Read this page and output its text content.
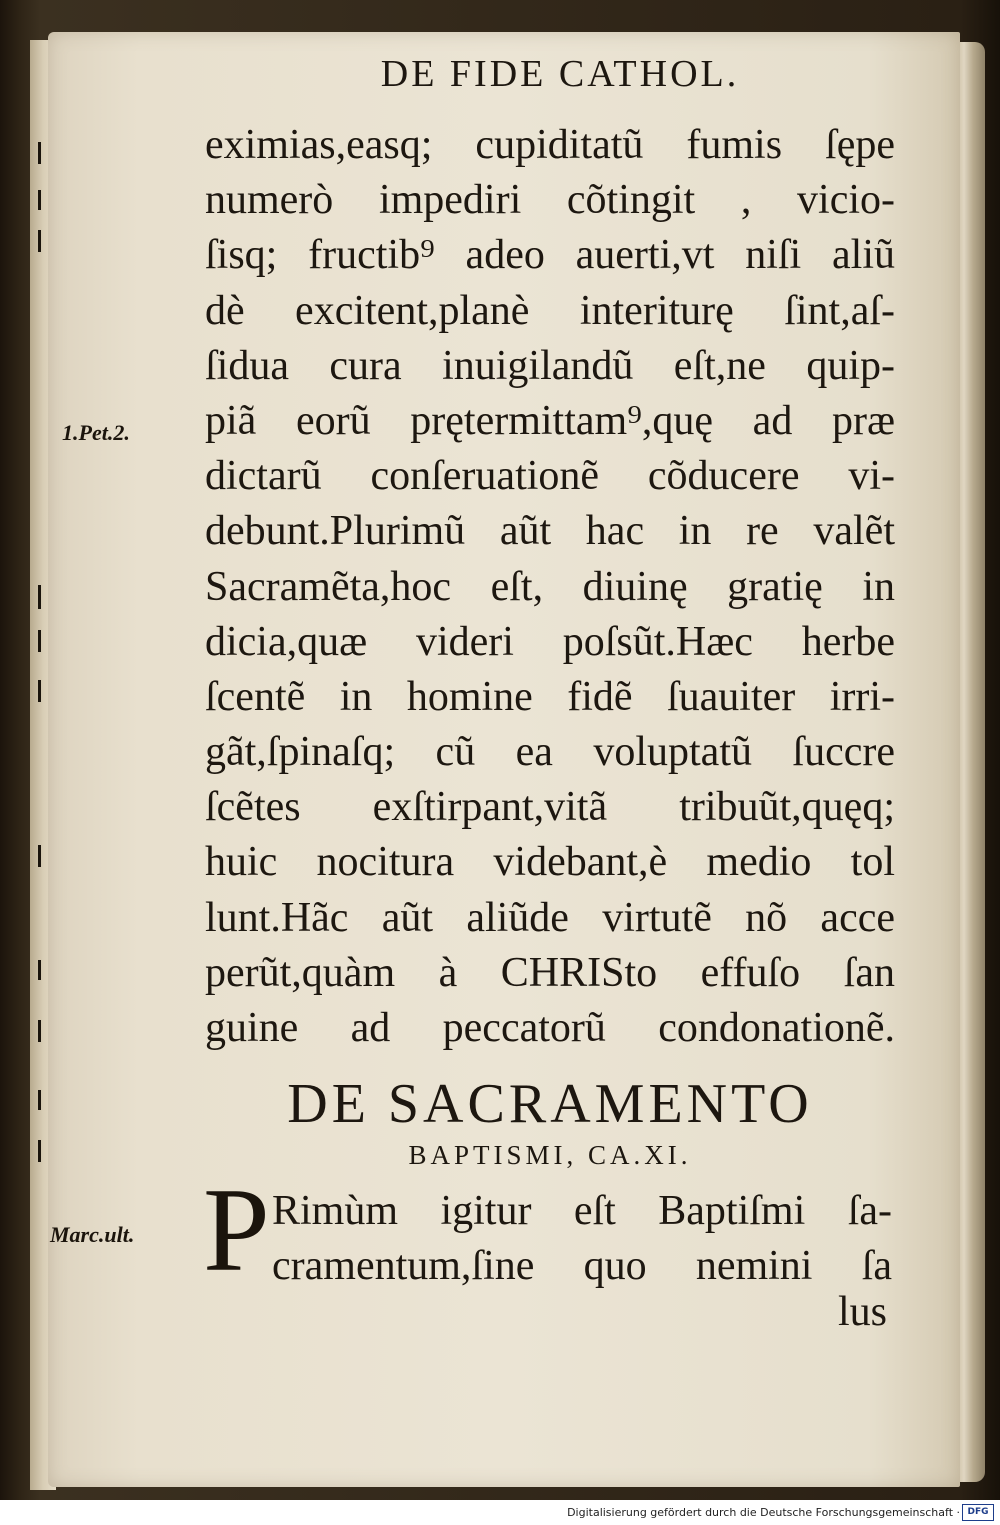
DE FIDE CATHOL.
eximias,easq; cupiditatũ fumis ſępe
numerò impediri cõtingit , vicio-
ſisq; fructib⁹ adeo auerti,vt niſi aliũ
dè excitent,planè interiturę ſint,aſ-
ſidua cura inuigilandũ eſt,ne quip-
piã eorũ prętermittam⁹,quę ad præ
dictarũ conſeruationẽ cõducere vi-
debunt.Plurimũ aũt hac in re valẽt
Sacramẽta,hoc eſt, diuinę gratię in
dicia,quæ videri poſsũt.Hæc herbe
ſcentẽ in homine fidẽ ſuauiter irri-
gãt,ſpinaſq; cũ ea voluptatũ ſuccre
ſcẽtes exſtirpant,vitã tribuũt,quęq;
huic nocitura videbant,è medio tol
lunt.Hãc aũt aliũde virtutẽ nõ acce
perũt,quàm à CHRISto effuſo ſan
guine ad peccatorũ condonationẽ.
1.Pet.2.
Marc.ult.
DE SACRAMENTO
BAPTISMI, CA.XI.
P Rimùm igitur eſt Baptiſmi ſa-
cramentum,ſine quo nemini ſa
lus
Digitalisierung gefördert durch die Deutsche Forschungsgemeinschaft · DFG
